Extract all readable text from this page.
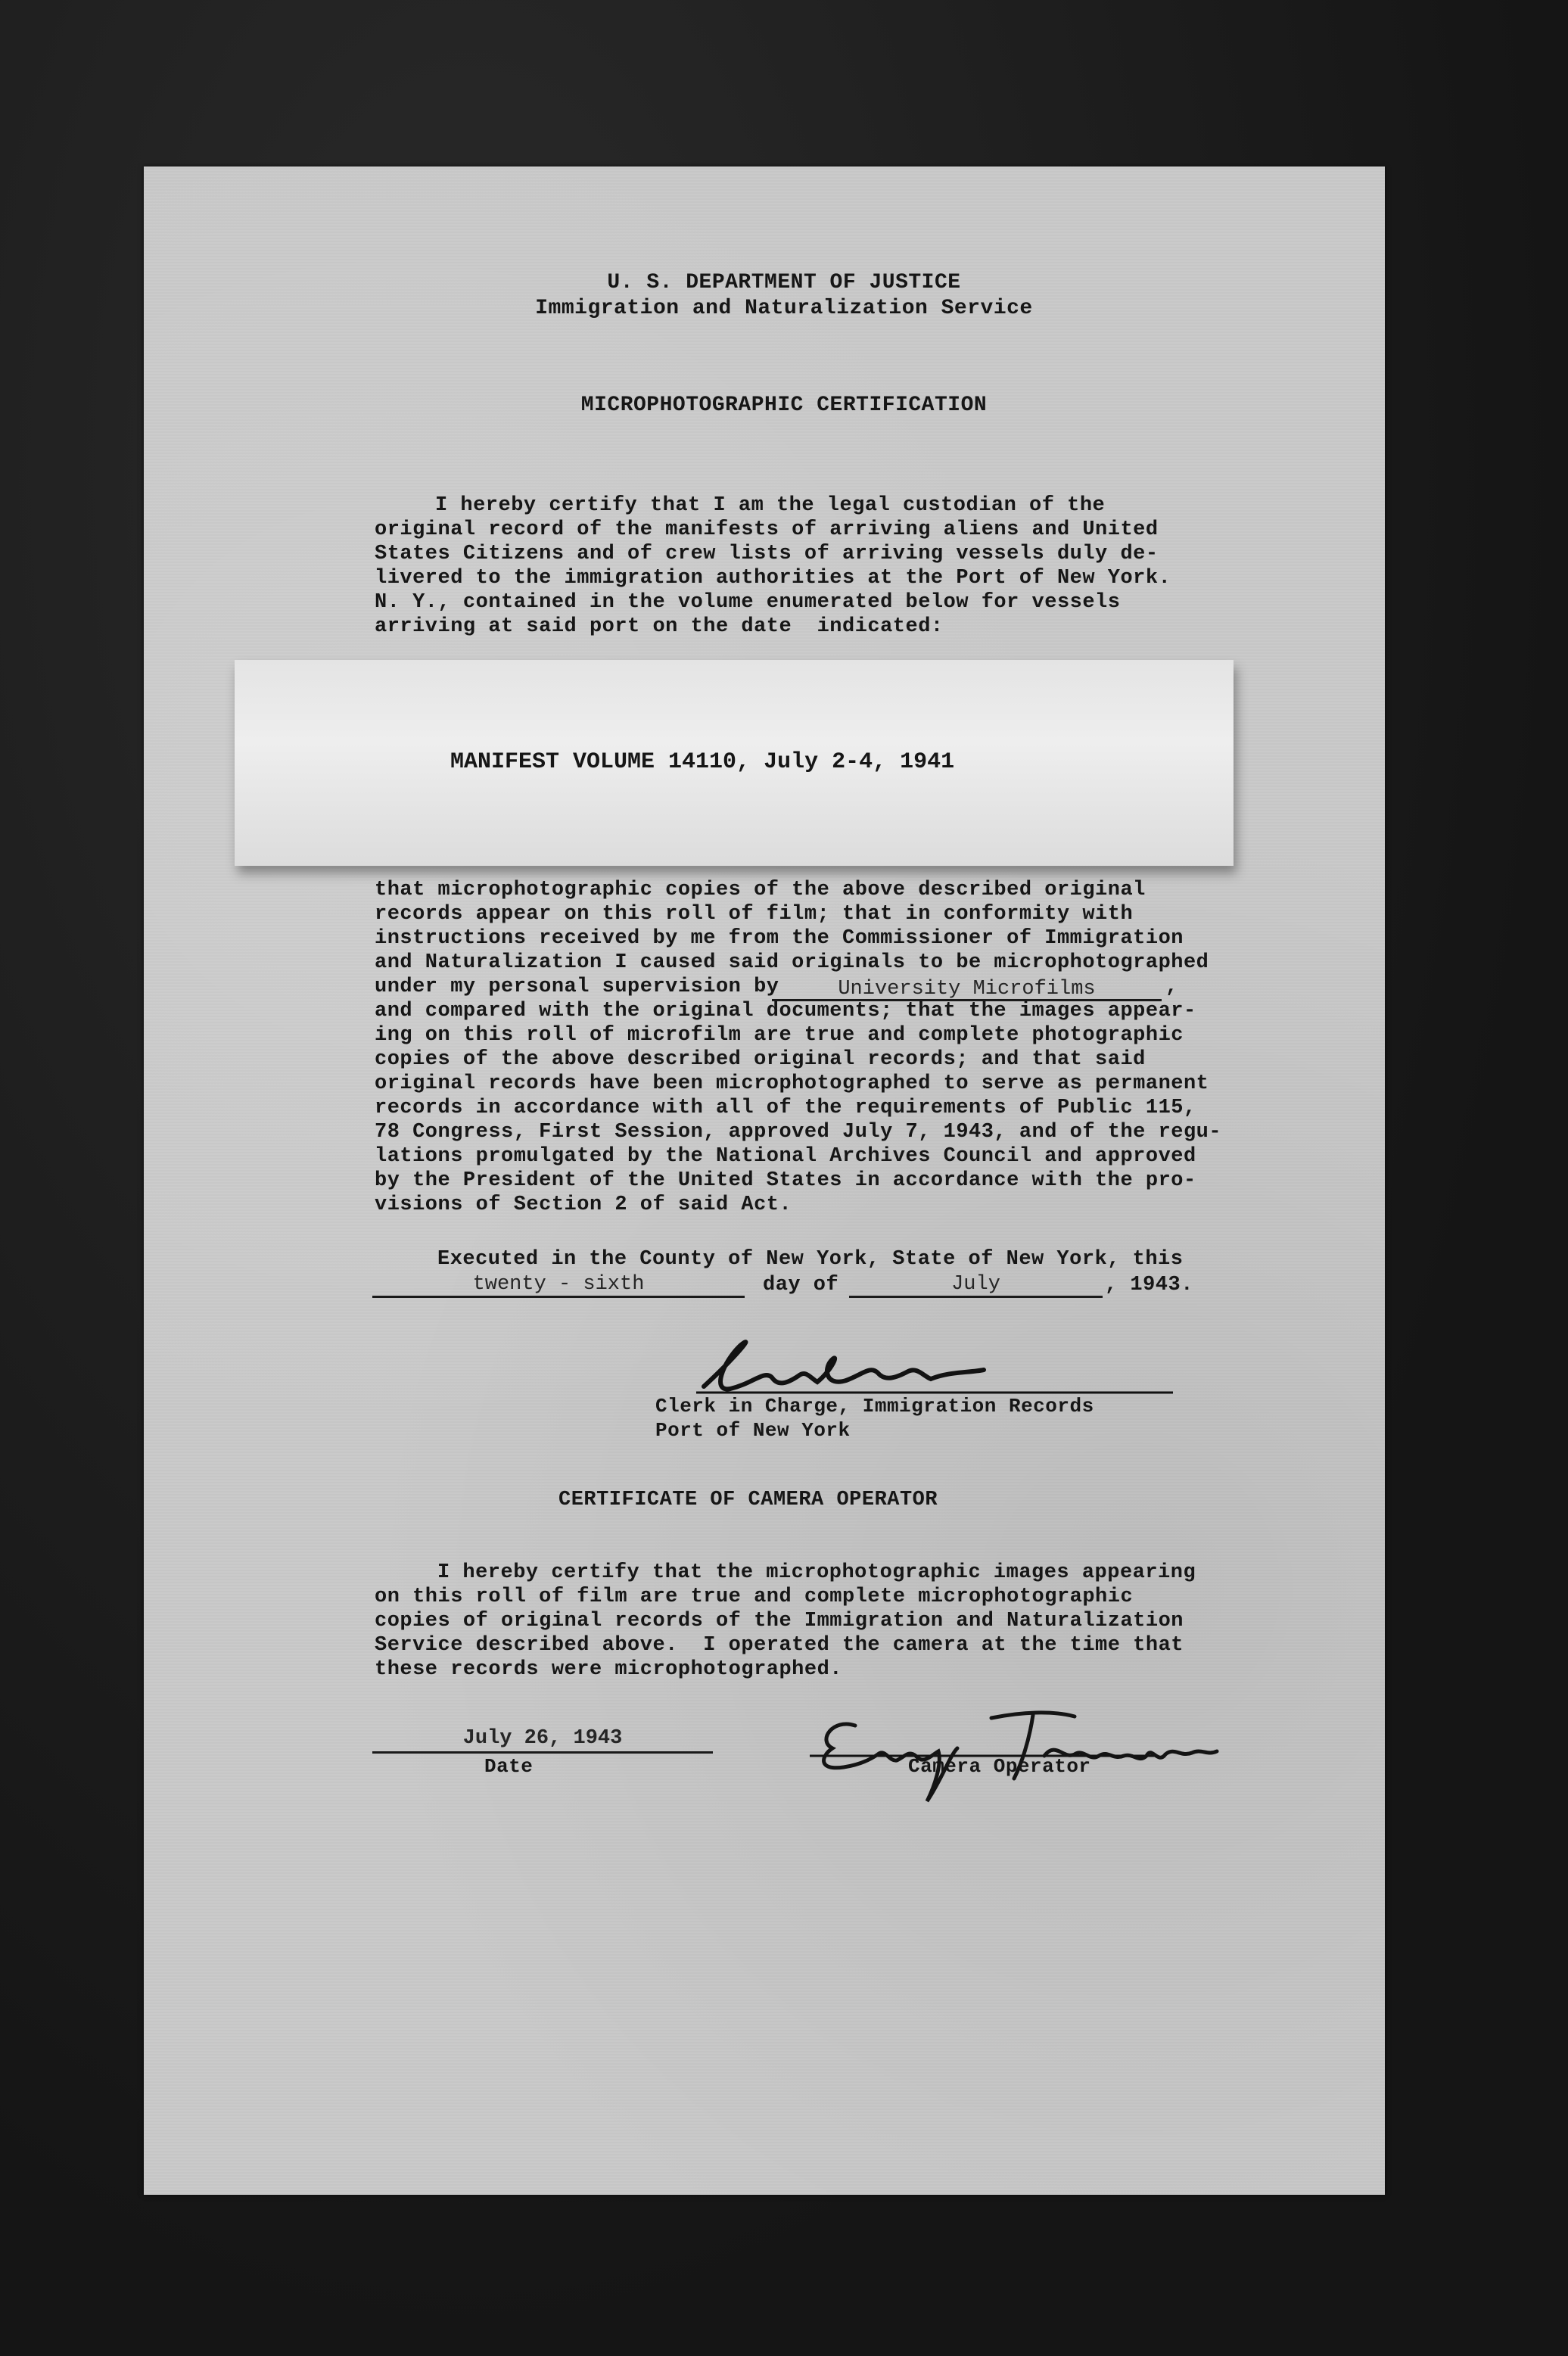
U. S. DEPARTMENT OF JUSTICE
Immigration and Naturalization Service
MICROPHOTOGRAPHIC CERTIFICATION
I hereby certify that I am the legal custodian of the
original record of the manifests of arriving aliens and United
States Citizens and of crew lists of arriving vessels duly de-
livered to the immigration authorities at the Port of New York.
N. Y., contained in the volume enumerated below for vessels
arriving at said port on the date  indicated:
MANIFEST VOLUME 14110, July 2-4, 1941
that microphotographic copies of the above described original
records appear on this roll of film; that in conformity with
instructions received by me from the Commissioner of Immigration
and Naturalization I caused said originals to be microphotographed
under my personal supervision by	University Microfilms	,
and compared with the original documents; that the images appear-
ing on this roll of microfilm are true and complete photographic
copies of the above described original records; and that said
original records have been microphotographed to serve as permanent
records in accordance with all of the requirements of Public 115,
78 Congress, First Session, approved July 7, 1943, and of the regu-
lations promulgated by the National Archives Council and approved
by the President of the United States in accordance with the pro-
visions of Section 2 of said Act.
Executed in the County of New York, State of New York, this
twenty - sixth	day of	July	, 1943.
Clerk in Charge, Immigration Records
Port of New York
CERTIFICATE OF CAMERA OPERATOR
I hereby certify that the microphotographic images appearing
on this roll of film are true and complete microphotographic
copies of original records of the Immigration and Naturalization
Service described above.  I operated the camera at the time that
these records were microphotographed.
July 26, 1943
Date	Camera Operator
